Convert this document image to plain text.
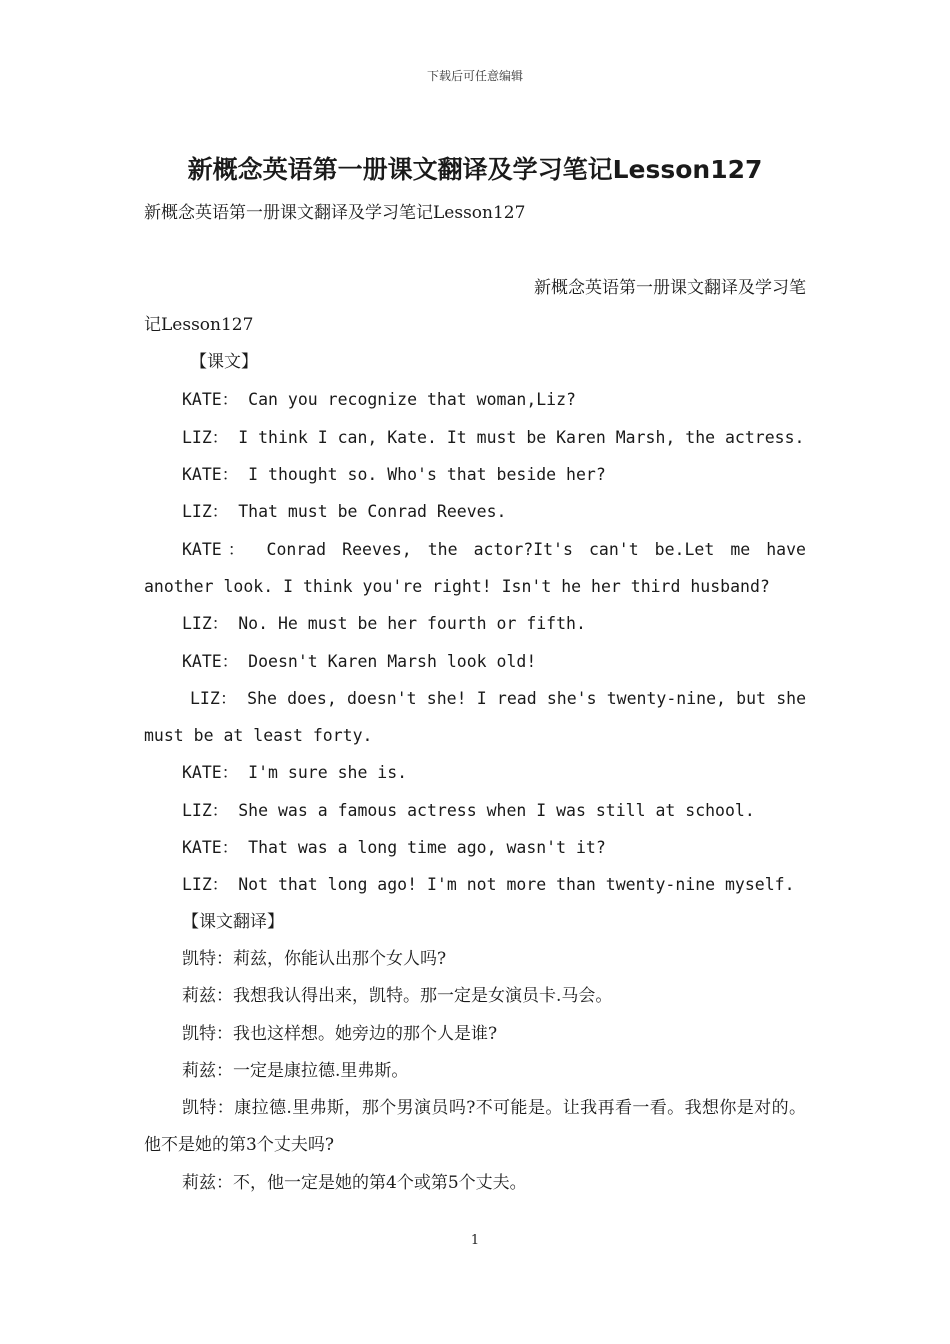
下载后可任意编辑
新概念英语第一册课文翻译及学习笔记Lesson127

新概念英语第一册课文翻译及学习笔记Lesson127

新概念英语第一册课文翻译及学习笔

记Lesson127

【课文】

KATE： Can you recognize that woman,Liz?

LIZ： I think I can, Kate. It must be Karen Marsh, the actress.

KATE： I thought so. Who's that beside her?

LIZ： That must be Conrad Reeves.

KATE： Conrad Reeves, the actor?It's can't be.Let me have another look. I think you're right! Isn't he her third husband?

LIZ： No. He must be her fourth or fifth.

KATE： Doesn't Karen Marsh look old!

LIZ： She does, doesn't she! I read she's twenty-nine, but she must be at least forty.

KATE： I'm sure she is.

LIZ： She was a famous actress when I was still at school.

KATE： That was a long time ago, wasn't it?

LIZ： Not that long ago! I'm not more than twenty-nine myself.

【课文翻译】

凯特：莉兹，你能认出那个女人吗?

莉兹：我想我认得出来，凯特。那一定是女演员卡.马会。

凯特：我也这样想。她旁边的那个人是谁?

莉兹：一定是康拉德.里弗斯。

凯特：康拉德.里弗斯，那个男演员吗?不可能是。让我再看一看。我想你是对的。他不是她的第3个丈夫吗?

莉兹：不，他一定是她的第4个或第5个丈夫。

1
